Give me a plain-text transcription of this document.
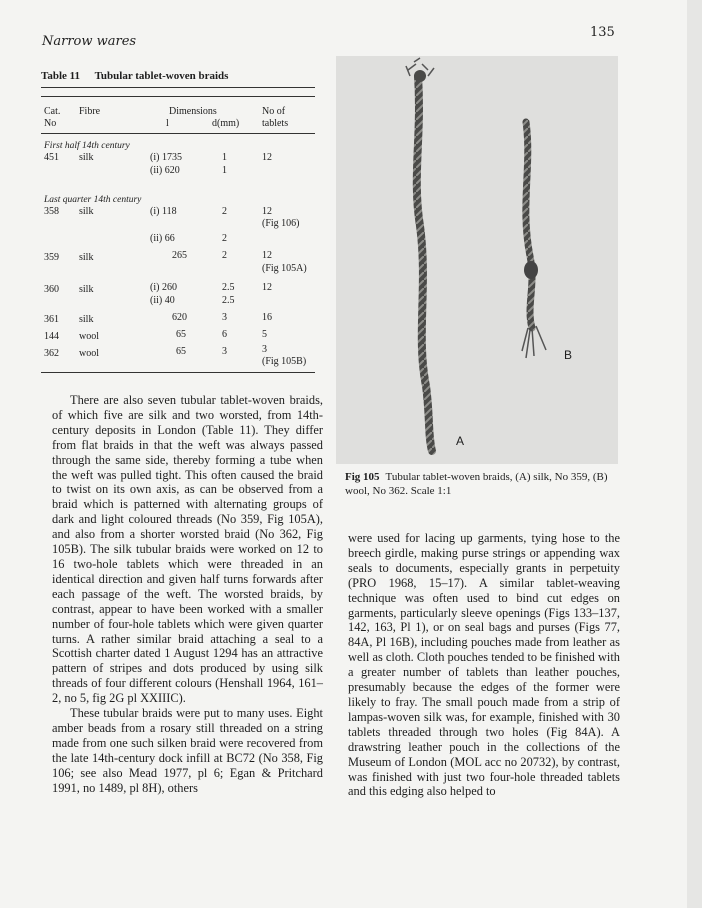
Narrow wares
135
Table 11 Tubular tablet-woven braids
Cat.
No
Fibre	Dimensions
l	d(mm)
No of
tablets
First half 14th century
451 silk	(i) 1735	1	12
(ii) 620	1
Last quarter 14th century
358 silk	(i) 118	2	12
(Fig 106)
(ii) 66	2
359 silk	265	2	12
(Fig 105A)
360 silk	(i) 260	2.5	12
(ii) 40	2.5
361 silk	620	3	16
144 wool	65	6	5
362 wool	65	3	3
(Fig 105B)

There are also seven tubular tablet-woven braids, of which five are silk and two worsted, from 14th-century deposits in London (Table 11). They differ from flat braids in that the weft was always passed through the same side, thereby forming a tube when the weft was pulled tight. This often caused the braid to twist on its own axis, as can be observed from a braid which is patterned with alternating groups of dark and light coloured threads (No 359, Fig 105A), and also from a shorter worsted braid (No 362, Fig 105B). The silk tubular braids were worked on 12 to 16 two-hole tablets which were threaded in an identical direction and given half turns forwards after each passage of the weft. The worsted braids, by contrast, appear to have been worked with a smaller number of four-hole tablets which were given quarter turns. A rather similar braid attaching a seal to a Scottish charter dated 1 August 1294 has an attractive pattern of stripes and dots produced by using silk threads of four different colours (Henshall 1964, 161–2, no 5, fig 2G pl XXIIIC).

These tubular braids were put to many uses. Eight amber beads from a rosary still threaded on a string made from one such silken braid were recovered from the late 14th-century dock infill at BC72 (No 358, Fig 106; see also Mead 1977, pl 6; Egan & Pritchard 1991, no 1489, pl 8H), others

A
B
Fig 105 Tubular tablet-woven braids, (A) silk, No 359, (B) wool, No 362. Scale 1:1

were used for lacing up garments, tying hose to the breech girdle, making purse strings or appending wax seals to documents, especially grants in perpetuity (PRO 1968, 15–17). A similar tablet-weaving technique was often used to bind cut edges on garments, particularly sleeve openings (Figs 133–137, 142, 163, Pl 1), or on seal bags and purses (Figs 77, 84A, Pl 16B), including pouches made from leather as well as cloth. Cloth pouches tended to be finished with a greater number of tablets than leather pouches, presumably because the edges of the former were likely to fray. The small pouch made from a strip of lampas-woven silk was, for example, finished with 30 tablets threaded through two holes (Fig 84A). A drawstring leather pouch in the collections of the Museum of London (MOL acc no 20732), by contrast, was finished with just two four-hole threaded tablets and this edging also helped to
